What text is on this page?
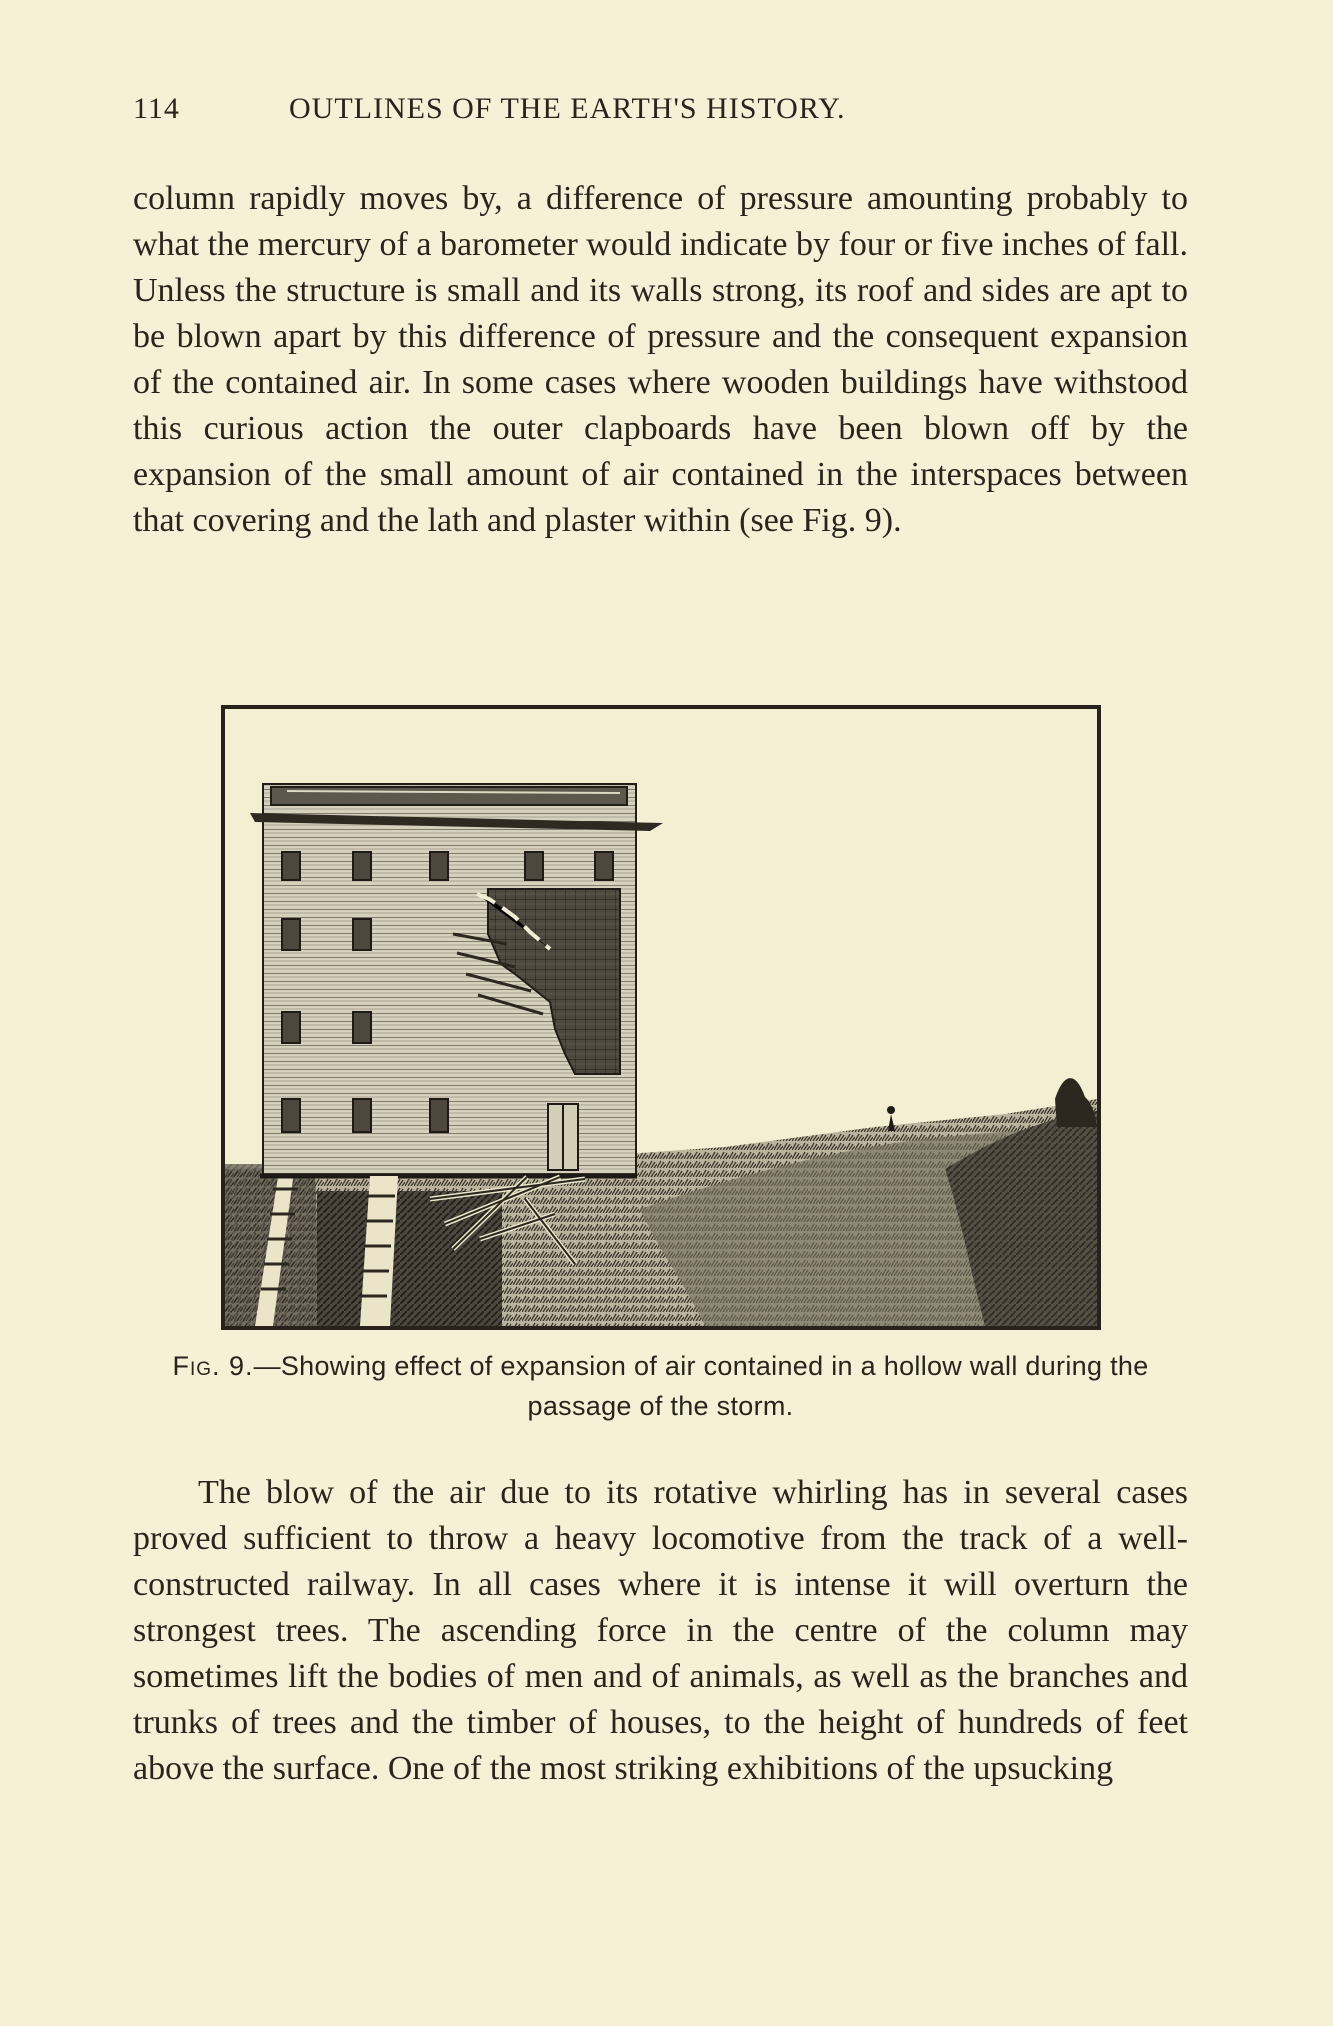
114	OUTLINES OF THE EARTH'S HISTORY.

column rapidly moves by, a difference of pressure amounting probably to what the mercury of a barometer would indicate by four or five inches of fall. Unless the structure is small and its walls strong, its roof and sides are apt to be blown apart by this difference of pressure and the consequent expansion of the contained air. In some cases where wooden buildings have withstood this curious action the outer clapboards have been blown off by the expansion of the small amount of air contained in the interspaces between that covering and the lath and plaster within (see Fig. 9).

Fig. 9.—Showing effect of expansion of air contained in a hollow wall during the passage of the storm.

The blow of the air due to its rotative whirling has in several cases proved sufficient to throw a heavy locomotive from the track of a well-constructed railway. In all cases where it is intense it will overturn the strongest trees. The ascending force in the centre of the column may sometimes lift the bodies of men and of animals, as well as the branches and trunks of trees and the timber of houses, to the height of hundreds of feet above the surface. One of the most striking exhibitions of the upsucking
